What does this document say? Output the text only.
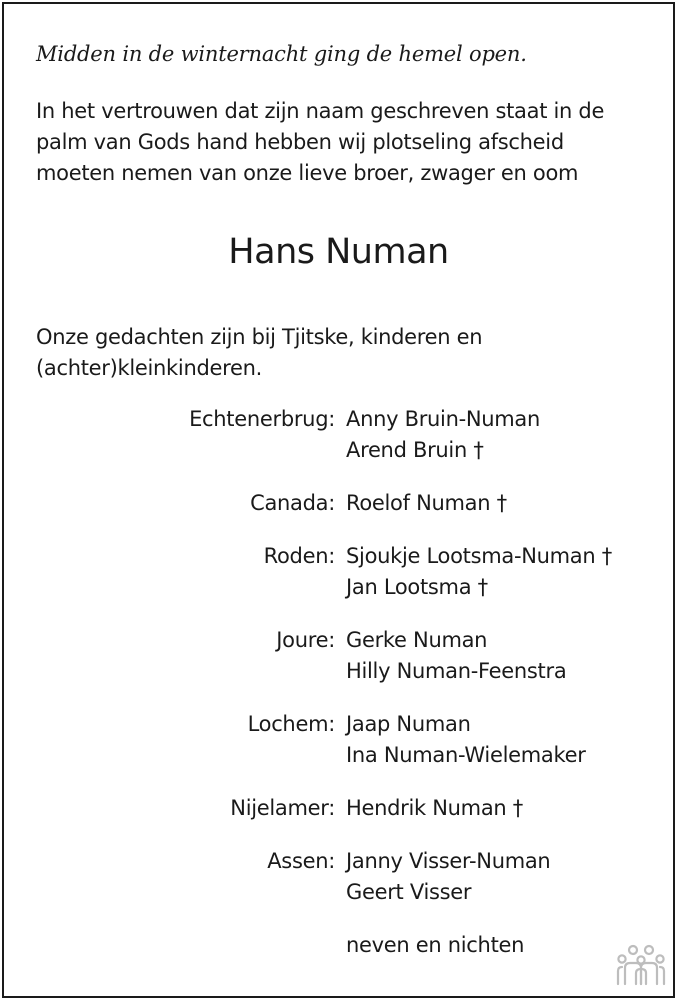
Midden in de winternacht ging de hemel open.
In het vertrouwen dat zijn naam geschreven staat in de
palm van Gods hand hebben wij plotseling afscheid
moeten nemen van onze lieve broer, zwager en oom
Hans Numan
Onze gedachten zijn bij Tjitske, kinderen en
(achter)kleinkinderen.
Echtenerbrug: Anny Bruin-Numan
Arend Bruin †
Canada: Roelof Numan †
Roden: Sjoukje Lootsma-Numan †
Jan Lootsma †
Joure: Gerke Numan
Hilly Numan-Feenstra
Lochem: Jaap Numan
Ina Numan-Wielemaker
Nijelamer: Hendrik Numan †
Assen: Janny Visser-Numan
Geert Visser
neven en nichten
